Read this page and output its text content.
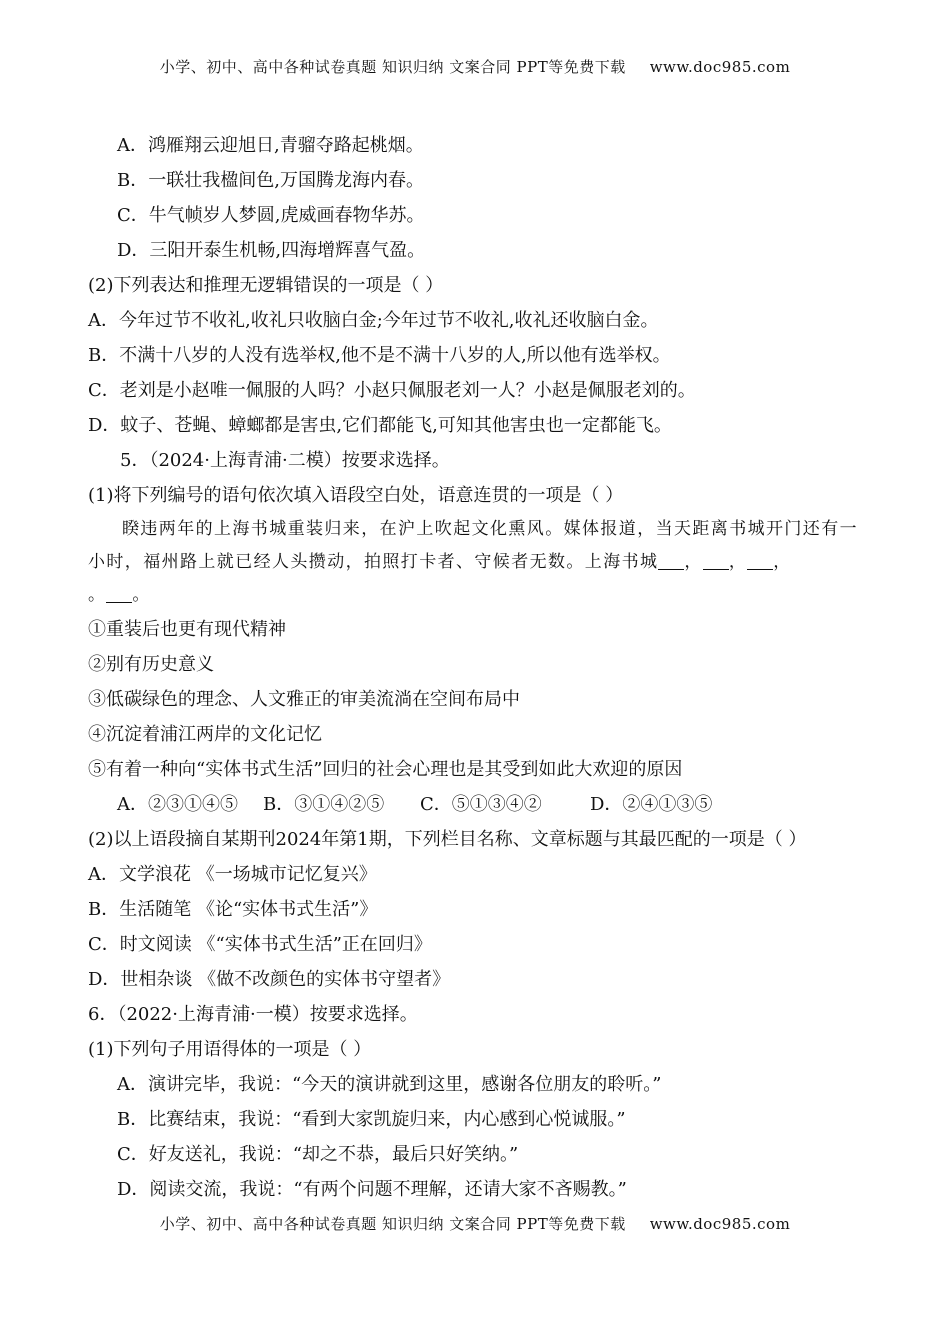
小学、初中、高中各种试卷真题 知识归纳 文案合同 PPT等免费下载 www.doc985.com
A．鸿雁翔云迎旭日,青骝夺路起桃烟。
B．一联壮我楹间色,万国腾龙海内春。
C．牛气帧岁人梦圆,虎威画春物华苏。
D．三阳开泰生机畅,四海增辉喜气盈。
(2)下列表达和推理无逻辑错误的一项是（ ）
A．今年过节不收礼,收礼只收脑白金;今年过节不收礼,收礼还收脑白金。
B．不满十八岁的人没有选举权,他不是不满十八岁的人,所以他有选举权。
C．老刘是小赵唯一佩服的人吗？小赵只佩服老刘一人？小赵是佩服老刘的。
D．蚊子、苍蝇、蟑螂都是害虫,它们都能飞,可知其他害虫也一定都能飞。
5．（2024·上海青浦·二模）按要求选择。
(1)将下列编号的语句依次填入语段空白处，语意连贯的一项是（ ）
睽违两年的上海书城重装归来，在沪上吹起文化熏风。媒体报道，当天距离书城开门还有一小时，福州路上就已经人头攒动，拍照打卡者、守候者无数。上海书城 ， ， ，
。 。
①重装后也更有现代精神
②别有历史意义
③低碳绿色的理念、人文雅正的审美流淌在空间布局中
④沉淀着浦江两岸的文化记忆
⑤有着一种向“实体书式生活”回归的社会心理也是其受到如此大欢迎的原因
A．②③①④⑤ B．③①④②⑤ C．⑤①③④②	D．②④①③⑤
(2)以上语段摘自某期刊2024年第1期，下列栏目名称、文章标题与其最匹配的一项是（ ）
A．文学浪花 《一场城市记忆复兴》
B．生活随笔 《论“实体书式生活”》
C．时文阅读 《“实体书式生活”正在回归》
D．世相杂谈 《做不改颜色的实体书守望者》
6．（2022·上海青浦·一模）按要求选择。
(1)下列句子用语得体的一项是（ ）
A．演讲完毕，我说：“今天的演讲就到这里，感谢各位朋友的聆听。”
B．比赛结束，我说：“看到大家凯旋归来，内心感到心悦诚服。”
C．好友送礼，我说：“却之不恭，最后只好笑纳。”
D．阅读交流，我说：“有两个问题不理解，还请大家不吝赐教。”
小学、初中、高中各种试卷真题 知识归纳 文案合同 PPT等免费下载 www.doc985.com
